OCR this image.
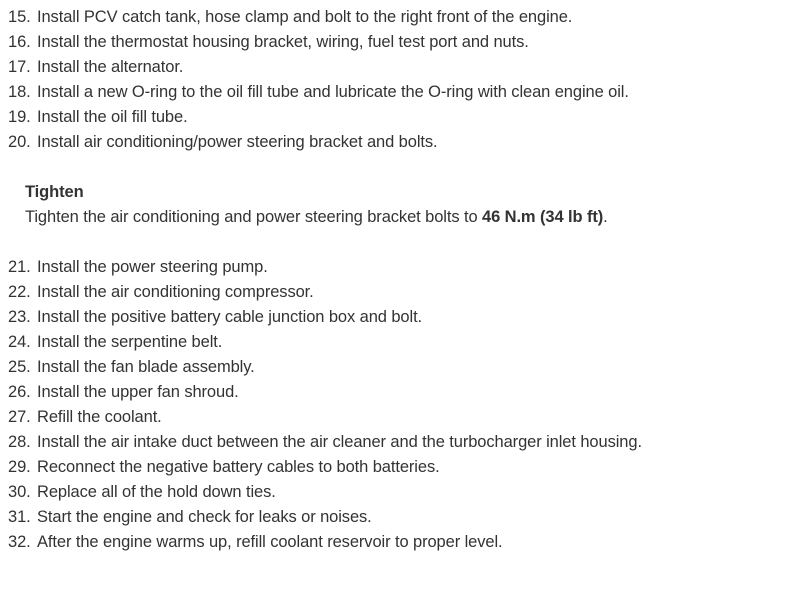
15. Install PCV catch tank, hose clamp and bolt to the right front of the engine.
16. Install the thermostat housing bracket, wiring, fuel test port and nuts.
17. Install the alternator.
18. Install a new O-ring to the oil fill tube and lubricate the O-ring with clean engine oil.
19. Install the oil fill tube.
20. Install air conditioning/power steering bracket and bolts.
Tighten
Tighten the air conditioning and power steering bracket bolts to 46 N.m (34 lb ft).
21. Install the power steering pump.
22. Install the air conditioning compressor.
23. Install the positive battery cable junction box and bolt.
24. Install the serpentine belt.
25. Install the fan blade assembly.
26. Install the upper fan shroud.
27. Refill the coolant.
28. Install the air intake duct between the air cleaner and the turbocharger inlet housing.
29. Reconnect the negative battery cables to both batteries.
30. Replace all of the hold down ties.
31. Start the engine and check for leaks or noises.
32. After the engine warms up, refill coolant reservoir to proper level.
